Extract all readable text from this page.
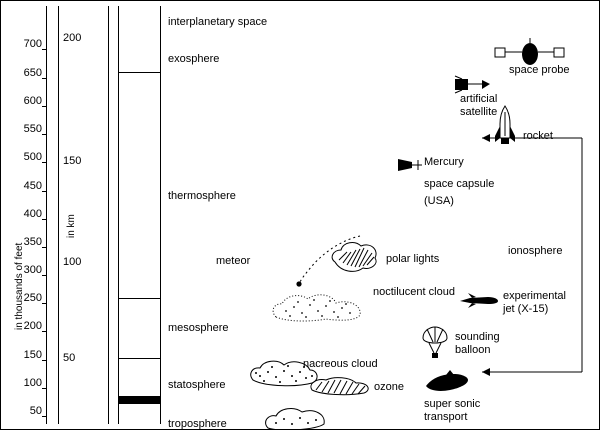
in thousands of feet
700
650
600
550
500
450
400
350
300
250
200
150
100
50
200
150
100
50
in km
interplanetary space
exosphere
thermosphere
mesosphere
statosphere
troposphere
ionosphere
space probe
artificial
satellite
rocket
Mercury
space capsule
(USA)
meteor	polar lights
noctilucent cloud	experimental
jet (X-15)
sounding
balloon
nacreous cloud
ozone
super sonic
transport
